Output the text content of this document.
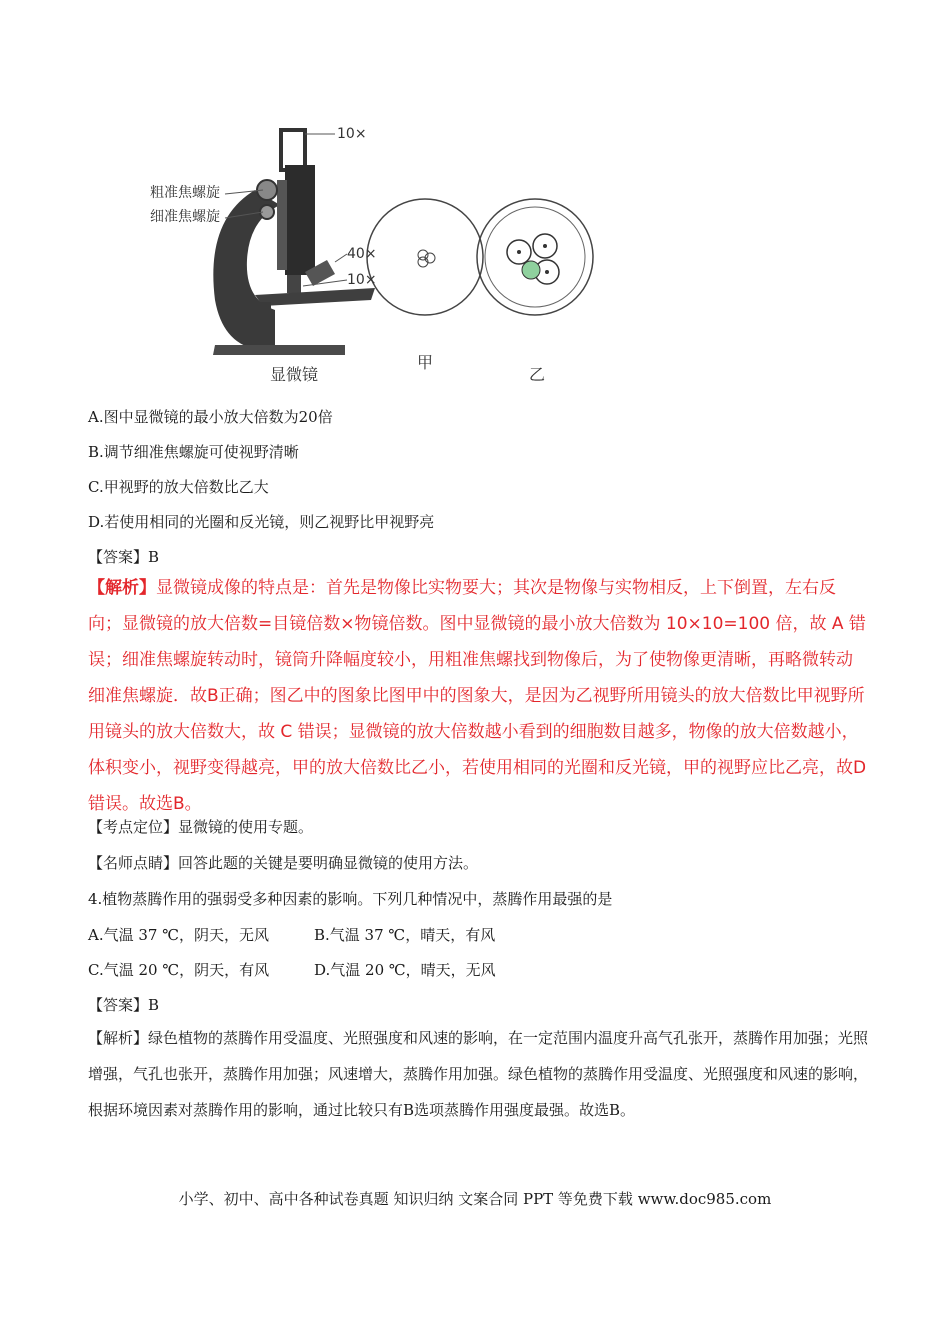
10×
粗准焦螺旋
细准焦螺旋
40×
10×
显微镜
甲
乙
A.图中显微镜的最小放大倍数为20倍
B.调节细准焦螺旋可使视野清晰
C.甲视野的放大倍数比乙大
D.若使用相同的光圈和反光镜，则乙视野比甲视野亮
【答案】B
【解析】显微镜成像的特点是：首先是物像比实物要大；其次是物像与实物相反，上下倒置，左右反向；显微镜的放大倍数=目镜倍数×物镜倍数。图中显微镜的最小放大倍数为 10×10=100 倍，故 A 错误；细准焦螺旋转动时，镜筒升降幅度较小，用粗准焦螺找到物像后，为了使物像更清晰，再略微转动细准焦螺旋．故B正确；图乙中的图象比图甲中的图象大，是因为乙视野所用镜头的放大倍数比甲视野所用镜头的放大倍数大，故 C 错误；显微镜的放大倍数越小看到的细胞数目越多，物像的放大倍数越小，体积变小，视野变得越亮，甲的放大倍数比乙小，若使用相同的光圈和反光镜，甲的视野应比乙亮，故D错误。故选B。
【考点定位】显微镜的使用专题。
【名师点睛】回答此题的关键是要明确显微镜的使用方法。
4.植物蒸腾作用的强弱受多种因素的影响。下列几种情况中，蒸腾作用最强的是
A.气温 37 ℃，阴天，无风	B.气温 37 ℃，晴天，有风
C.气温 20 ℃，阴天，有风	D.气温 20 ℃，晴天，无风
【答案】B
【解析】绿色植物的蒸腾作用受温度、光照强度和风速的影响，在一定范围内温度升高气孔张开，蒸腾作用加强；光照增强，气孔也张开，蒸腾作用加强；风速增大，蒸腾作用加强。绿色植物的蒸腾作用受温度、光照强度和风速的影响，根据环境因素对蒸腾作用的影响，通过比较只有B选项蒸腾作用强度最强。故选B。
小学、初中、高中各种试卷真题 知识归纳 文案合同 PPT 等免费下载 www.doc985.com
